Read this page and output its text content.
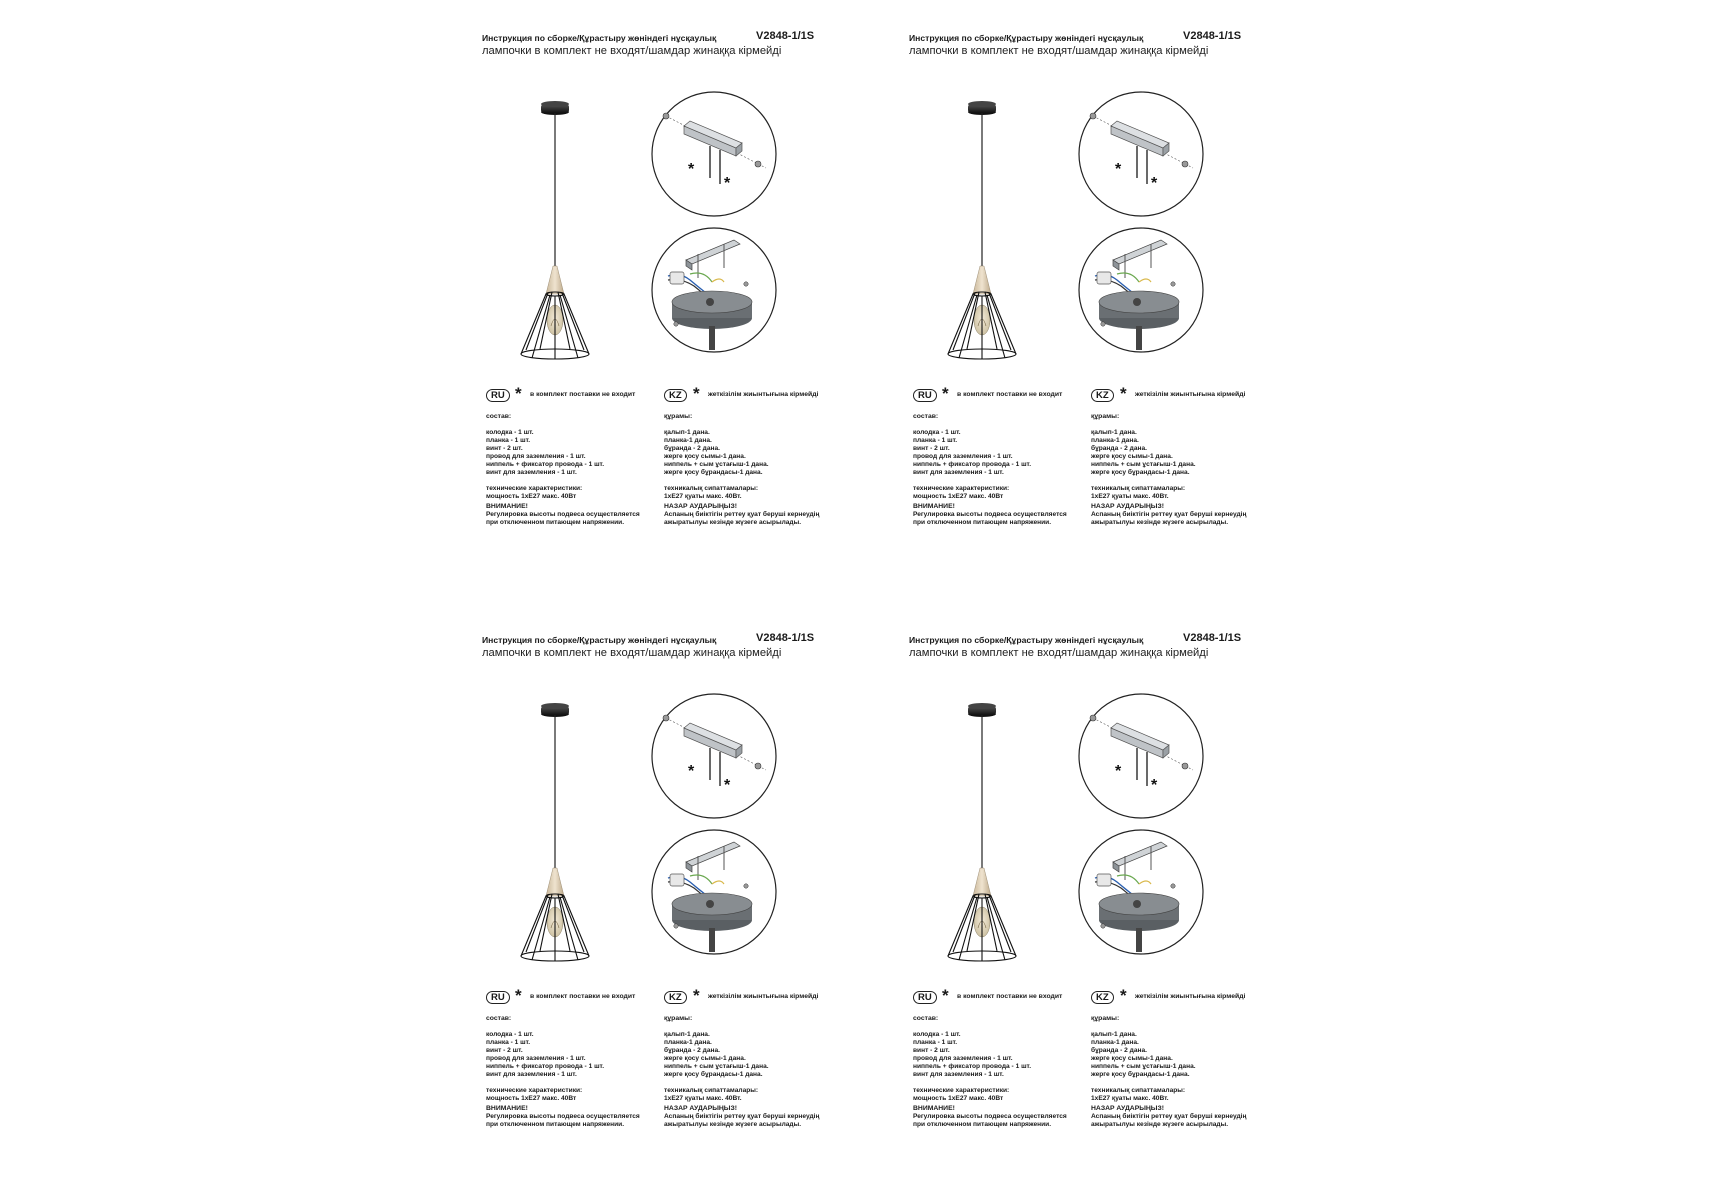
Инструкция по сборке/Құрастыру жөніндегі нұсқаулық	V2848-1/1S
лампочки в комплект не входят/шамдар жинаққа кірмейді
*
*
RU * в комплект поставки не входит
состав:
колодка - 1 шт.
планка - 1 шт.
винт - 2 шт.
провод для заземления - 1 шт.
ниппель + фиксатор провода - 1 шт.
винт для заземления - 1 шт.
технические характеристики:
мощность 1хЕ27 макс. 40Вт
ВНИМАНИЕ!
Регулировка высоты подвеса осуществляется
при отключенном питающем напряжении.
KZ * жеткізілім жиынтығына кірмейді
құрамы:
қалып-1 дана.
планка-1 дана.
бұранда - 2 дана.
жерге қосу сымы-1 дана.
ниппель + сым ұстағыш-1 дана.
жерге қосу бұрандасы-1 дана.
техникалық сипаттамалары:
1хЕ27 қуаты макс. 40Вт.
НАЗАР АУДАРЫҢЫЗ!
Аспаның биіктігін реттеу қуат беруші кернеудің
ажыратылуы кезінде жүзеге асырылады.
Инструкция по сборке/Құрастыру жөніндегі нұсқаулық	V2848-1/1S
лампочки в комплект не входят/шамдар жинаққа кірмейді
*
*
RU * в комплект поставки не входит
состав:
колодка - 1 шт.
планка - 1 шт.
винт - 2 шт.
провод для заземления - 1 шт.
ниппель + фиксатор провода - 1 шт.
винт для заземления - 1 шт.
технические характеристики:
мощность 1хЕ27 макс. 40Вт
ВНИМАНИЕ!
Регулировка высоты подвеса осуществляется
при отключенном питающем напряжении.
KZ * жеткізілім жиынтығына кірмейді
құрамы:
қалып-1 дана.
планка-1 дана.
бұранда - 2 дана.
жерге қосу сымы-1 дана.
ниппель + сым ұстағыш-1 дана.
жерге қосу бұрандасы-1 дана.
техникалық сипаттамалары:
1хЕ27 қуаты макс. 40Вт.
НАЗАР АУДАРЫҢЫЗ!
Аспаның биіктігін реттеу қуат беруші кернеудің
ажыратылуы кезінде жүзеге асырылады.
Инструкция по сборке/Құрастыру жөніндегі нұсқаулық	V2848-1/1S
лампочки в комплект не входят/шамдар жинаққа кірмейді
*
*
RU * в комплект поставки не входит
состав:
колодка - 1 шт.
планка - 1 шт.
винт - 2 шт.
провод для заземления - 1 шт.
ниппель + фиксатор провода - 1 шт.
винт для заземления - 1 шт.
технические характеристики:
мощность 1хЕ27 макс. 40Вт
ВНИМАНИЕ!
Регулировка высоты подвеса осуществляется
при отключенном питающем напряжении.
KZ * жеткізілім жиынтығына кірмейді
құрамы:
қалып-1 дана.
планка-1 дана.
бұранда - 2 дана.
жерге қосу сымы-1 дана.
ниппель + сым ұстағыш-1 дана.
жерге қосу бұрандасы-1 дана.
техникалық сипаттамалары:
1хЕ27 қуаты макс. 40Вт.
НАЗАР АУДАРЫҢЫЗ!
Аспаның биіктігін реттеу қуат беруші кернеудің
ажыратылуы кезінде жүзеге асырылады.
Инструкция по сборке/Құрастыру жөніндегі нұсқаулық	V2848-1/1S
лампочки в комплект не входят/шамдар жинаққа кірмейді
*
*
RU * в комплект поставки не входит
состав:
колодка - 1 шт.
планка - 1 шт.
винт - 2 шт.
провод для заземления - 1 шт.
ниппель + фиксатор провода - 1 шт.
винт для заземления - 1 шт.
технические характеристики:
мощность 1хЕ27 макс. 40Вт
ВНИМАНИЕ!
Регулировка высоты подвеса осуществляется
при отключенном питающем напряжении.
KZ * жеткізілім жиынтығына кірмейді
құрамы:
қалып-1 дана.
планка-1 дана.
бұранда - 2 дана.
жерге қосу сымы-1 дана.
ниппель + сым ұстағыш-1 дана.
жерге қосу бұрандасы-1 дана.
техникалық сипаттамалары:
1хЕ27 қуаты макс. 40Вт.
НАЗАР АУДАРЫҢЫЗ!
Аспаның биіктігін реттеу қуат беруші кернеудің
ажыратылуы кезінде жүзеге асырылады.
